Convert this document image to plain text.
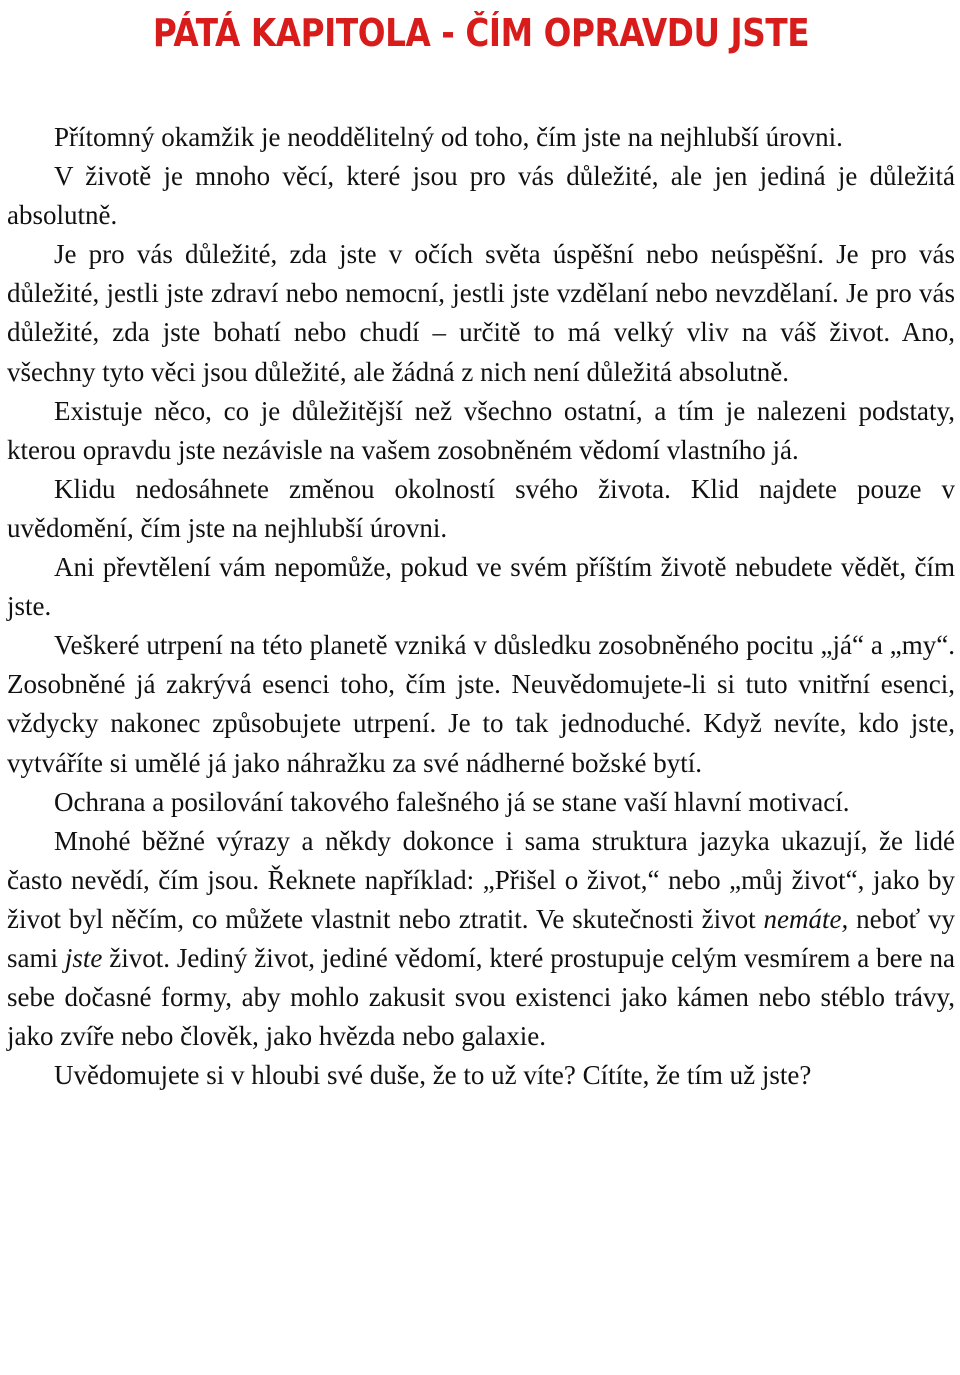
PÁTÁ KAPITOLA - ČÍM OPRAVDU JSTE

Přítomný okamžik je neoddělitelný od toho, čím jste na nejhlubší úrovni.

V životě je mnoho věcí, které jsou pro vás důležité, ale jen jediná je důležitá absolutně.

Je pro vás důležité, zda jste v očích světa úspěšní nebo neúspěšní. Je pro vás důležité, jestli jste zdraví nebo nemocní, jestli jste vzdělaní nebo nevzdělaní. Je pro vás důležité, zda jste bohatí nebo chudí – určitě to má velký vliv na váš život. Ano, všechny tyto věci jsou důležité, ale žádná z nich není důležitá absolutně.

Existuje něco, co je důležitější než všechno ostatní, a tím je nalezeni podstaty, kterou opravdu jste nezávisle na vašem zosobněném vědomí vlastního já.

Klidu nedosáhnete změnou okolností svého života. Klid najdete pouze v uvědomění, čím jste na nejhlubší úrovni.

Ani převtělení vám nepomůže, pokud ve svém příštím životě nebudete vědět, čím jste.

Veškeré utrpení na této planetě vzniká v důsledku zosobněného pocitu „já“ a „my“. Zosobněné já zakrývá esenci toho, čím jste. Neuvědomujete-li si tuto vnitřní esenci, vždycky nakonec způsobujete utrpení. Je to tak jednoduché. Když nevíte, kdo jste, vytváříte si umělé já jako náhražku za své nádherné božské bytí.

Ochrana a posilování takového falešného já se stane vaší hlavní motivací.

Mnohé běžné výrazy a někdy dokonce i sama struktura jazyka ukazují, že lidé často nevědí, čím jsou. Řeknete například: „Přišel o život,“ nebo „můj život“, jako by život byl něčím, co můžete vlastnit nebo ztratit. Ve skutečnosti život nemáte, neboť vy sami jste život. Jediný život, jediné vědomí, které prostupuje celým vesmírem a bere na sebe dočasné formy, aby mohlo zakusit svou existenci jako kámen nebo stéblo trávy, jako zvíře nebo člověk, jako hvězda nebo galaxie.

Uvědomujete si v hloubi své duše, že to už víte? Cítíte, že tím už jste?
